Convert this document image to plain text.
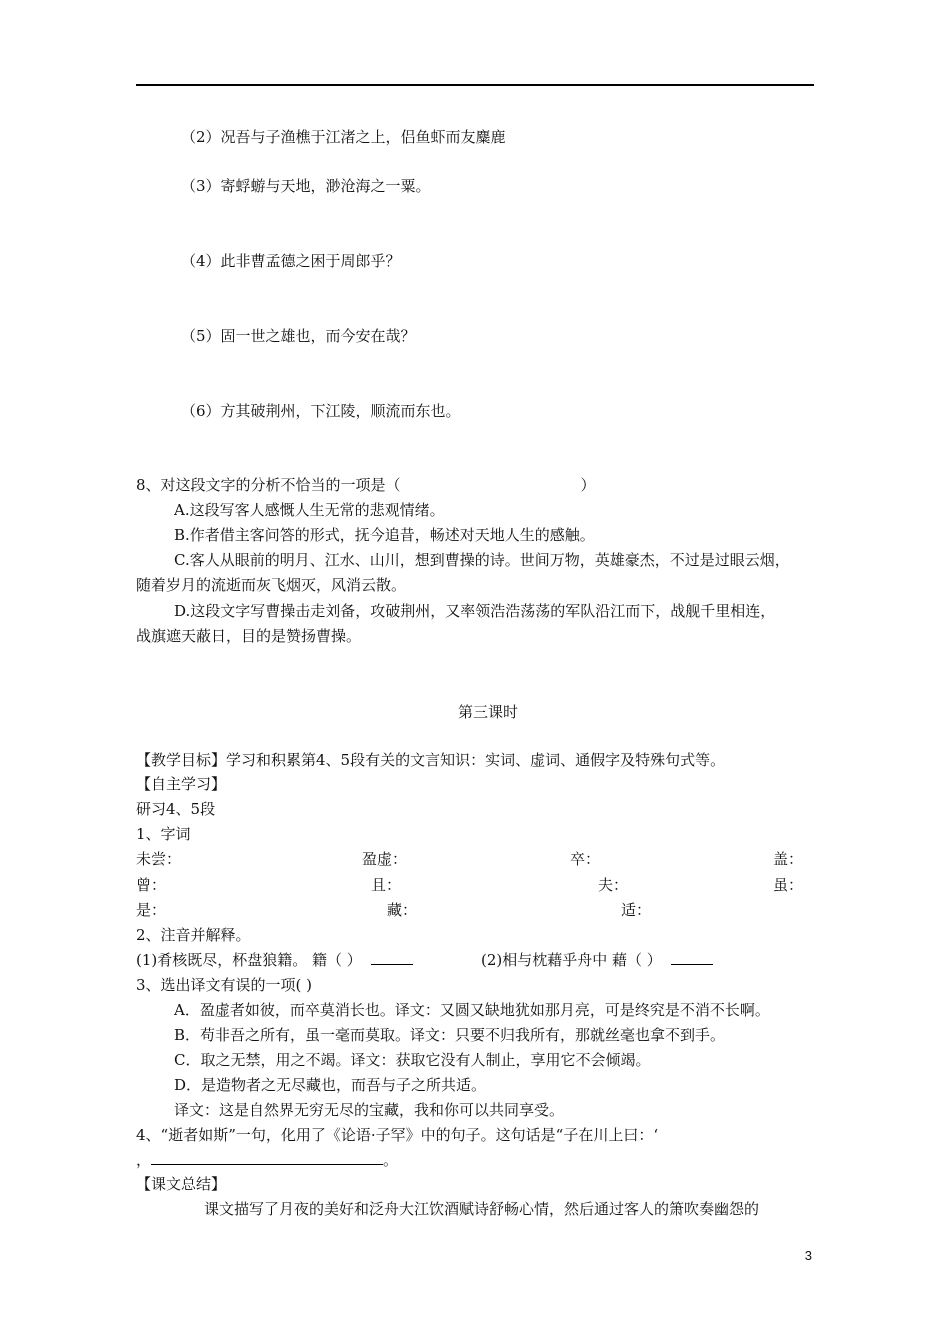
（2）况吾与子渔樵于江渚之上，侣鱼虾而友麋鹿
（3）寄蜉蝣与天地，渺沧海之一粟。
（4）此非曹孟德之困于周郎乎？
（5）固一世之雄也，而今安在哉？
（6）方其破荆州，下江陵，顺流而东也。
8、对这段文字的分析不恰当的一项是（	）
A.这段写客人感慨人生无常的悲观情绪。
B.作者借主客问答的形式，抚今追昔，畅述对天地人生的感触。
C.客人从眼前的明月、江水、山川，想到曹操的诗。世间万物，英雄豪杰，不过是过眼云烟，
随着岁月的流逝而灰飞烟灭，风消云散。
D.这段文字写曹操击走刘备，攻破荆州，又率领浩浩荡荡的军队沿江而下，战舰千里相连，
战旗遮天蔽日，目的是赞扬曹操。
第三课时
【教学目标】学习和积累第4、5段有关的文言知识：实词、虚词、通假字及特殊句式等。
【自主学习】
研习4、5段
1、字词
未尝：	盈虚：	卒：	盖：
曾：	且：	夫：	虽：
是：	藏：	适：
2、注音并解释。
(1)肴核既尽，杯盘狼籍。 籍（ ）	(2)相与枕藉乎舟中 藉（ ）
3、选出译文有误的一项( )
A．盈虚者如彼，而卒莫消长也。译文：又圆又缺地犹如那月亮，可是终究是不消不长啊。
B．苟非吾之所有，虽一毫而莫取。译文：只要不归我所有，那就丝毫也拿不到手。
C．取之无禁，用之不竭。译文：获取它没有人制止，享用它不会倾竭。
D．是造物者之无尽藏也，而吾与子之所共适。
译文：这是自然界无穷无尽的宝藏，我和你可以共同享受。
4、“逝者如斯”一句，化用了《论语·子罕》中的句子。这句话是“子在川上曰：‘
，	。
【课文总结】
课文描写了月夜的美好和泛舟大江饮酒赋诗舒畅心情，然后通过客人的箫吹奏幽怨的
3
